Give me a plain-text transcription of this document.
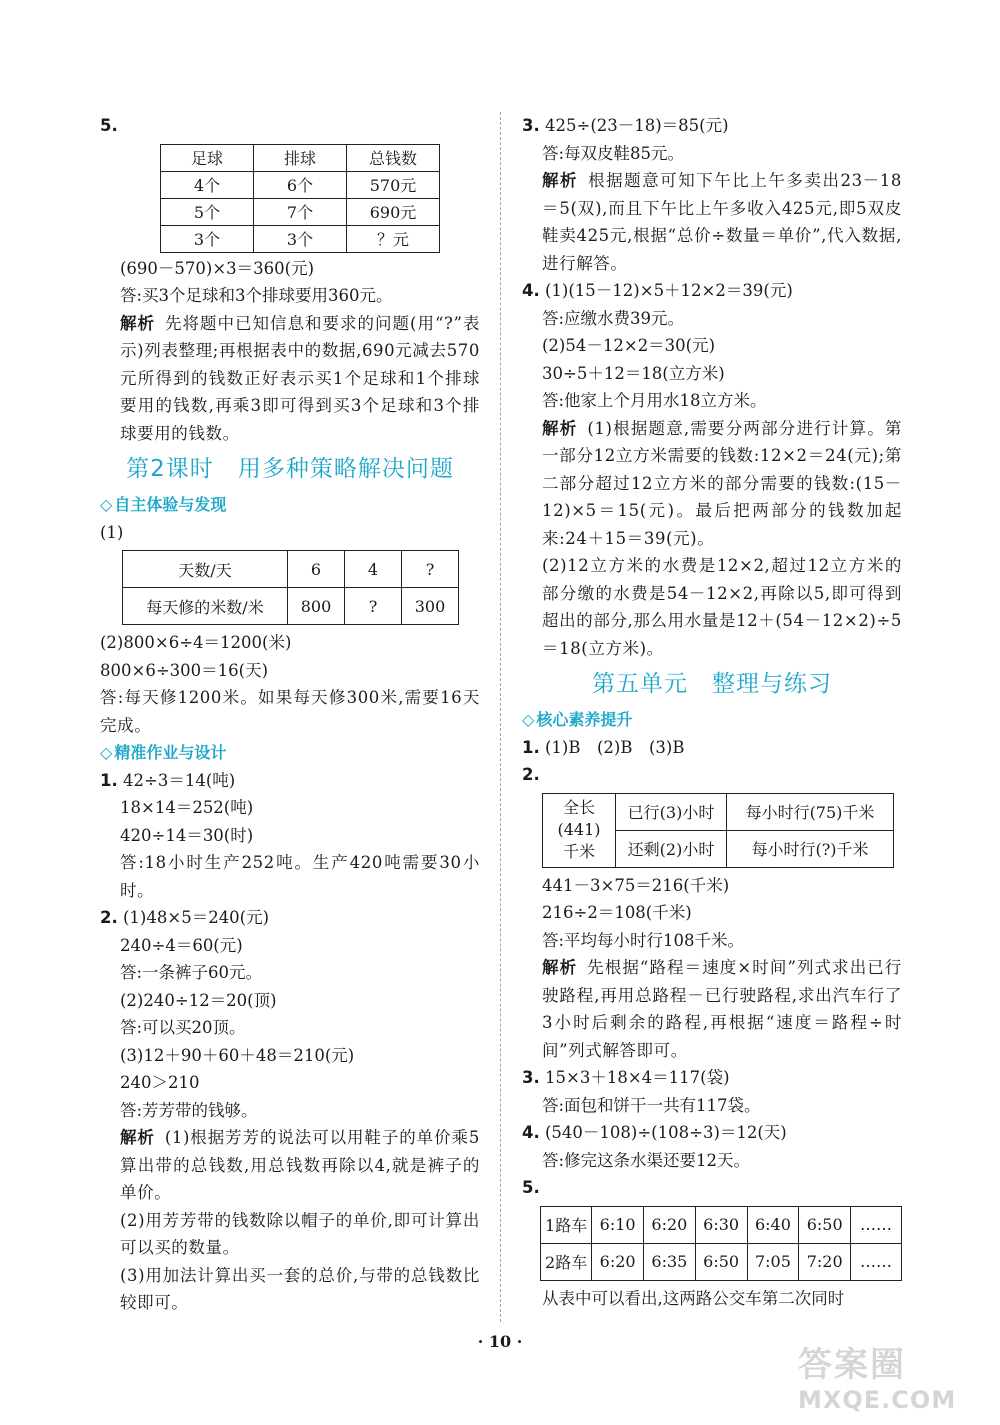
5.
足球	排球	总钱数
4个	6个	570元
5个	7个	690元
3个	3个	？元
(690－570)×3＝360(元)
答:买3个足球和3个排球要用360元。
解析 先将题中已知信息和要求的问题(用“?”表示)列表整理;再根据表中的数据,690元减去570元所得到的钱数正好表示买1个足球和1个排球要用的钱数,再乘3即可得到买3个足球和3个排球要用的钱数。
第2课时 用多种策略解决问题
◇ 自主体验与发现
(1)
天数/天	6	4	?
每天修的米数/米	800	?	300
(2)800×6÷4＝1200(米)
800×6÷300＝16(天)
答:每天修1200米。如果每天修300米,需要16天完成。
◇ 精准作业与设计
1. 42÷3＝14(吨)
18×14＝252(吨)
420÷14＝30(时)
答:18小时生产252吨。生产420吨需要30小时。
2. (1)48×5＝240(元)
240÷4＝60(元)
答:一条裤子60元。
(2)240÷12＝20(顶)
答:可以买20顶。
(3)12＋90＋60＋48＝210(元)
240＞210
答:芳芳带的钱够。
解析 (1)根据芳芳的说法可以用鞋子的单价乘5算出带的总钱数,用总钱数再除以4,就是裤子的单价。
(2)用芳芳带的钱数除以帽子的单价,即可计算出可以买的数量。
(3)用加法计算出买一套的总价,与带的总钱数比较即可。
3. 425÷(23－18)＝85(元)
答:每双皮鞋85元。
解析 根据题意可知下午比上午多卖出23－18＝5(双),而且下午比上午多收入425元,即5双皮鞋卖425元,根据“总价÷数量＝单价”,代入数据,进行解答。
4. (1)(15－12)×5＋12×2＝39(元)
答:应缴水费39元。
(2)54－12×2＝30(元)
30÷5＋12＝18(立方米)
答:他家上个月用水18立方米。
解析 (1)根据题意,需要分两部分进行计算。第一部分12立方米需要的钱数:12×2＝24(元);第二部分超过12立方米的部分需要的钱数:(15－12)×5＝15(元)。最后把两部分的钱数加起来:24＋15＝39(元)。
(2)12立方米的水费是12×2,超过12立方米的部分缴的水费是54－12×2,再除以5,即可得到超出的部分,那么用水量是12＋(54－12×2)÷5＝18(立方米)。
第五单元 整理与练习
◇ 核心素养提升
1. (1)B　(2)B　(3)B
2.
全长
(441)
千米	已行(3)小时	每小时行(75)千米
	还剩(2)小时	每小时行(?)千米
441－3×75＝216(千米)
216÷2＝108(千米)
答:平均每小时行108千米。
解析 先根据“路程＝速度×时间”列式求出已行驶路程,再用总路程－已行驶路程,求出汽车行了3小时后剩余的路程,再根据“速度＝路程÷时间”列式解答即可。
3. 15×3＋18×4＝117(袋)
答:面包和饼干一共有117袋。
4. (540－108)÷(108÷3)＝12(天)
答:修完这条水渠还要12天。
5.
1路车	6:10	6:20	6:30	6:40	6:50	……
2路车	6:20	6:35	6:50	7:05	7:20	……
从表中可以看出,这两路公交车第二次同时
· 10 ·
答案圈
MXQE.COM
